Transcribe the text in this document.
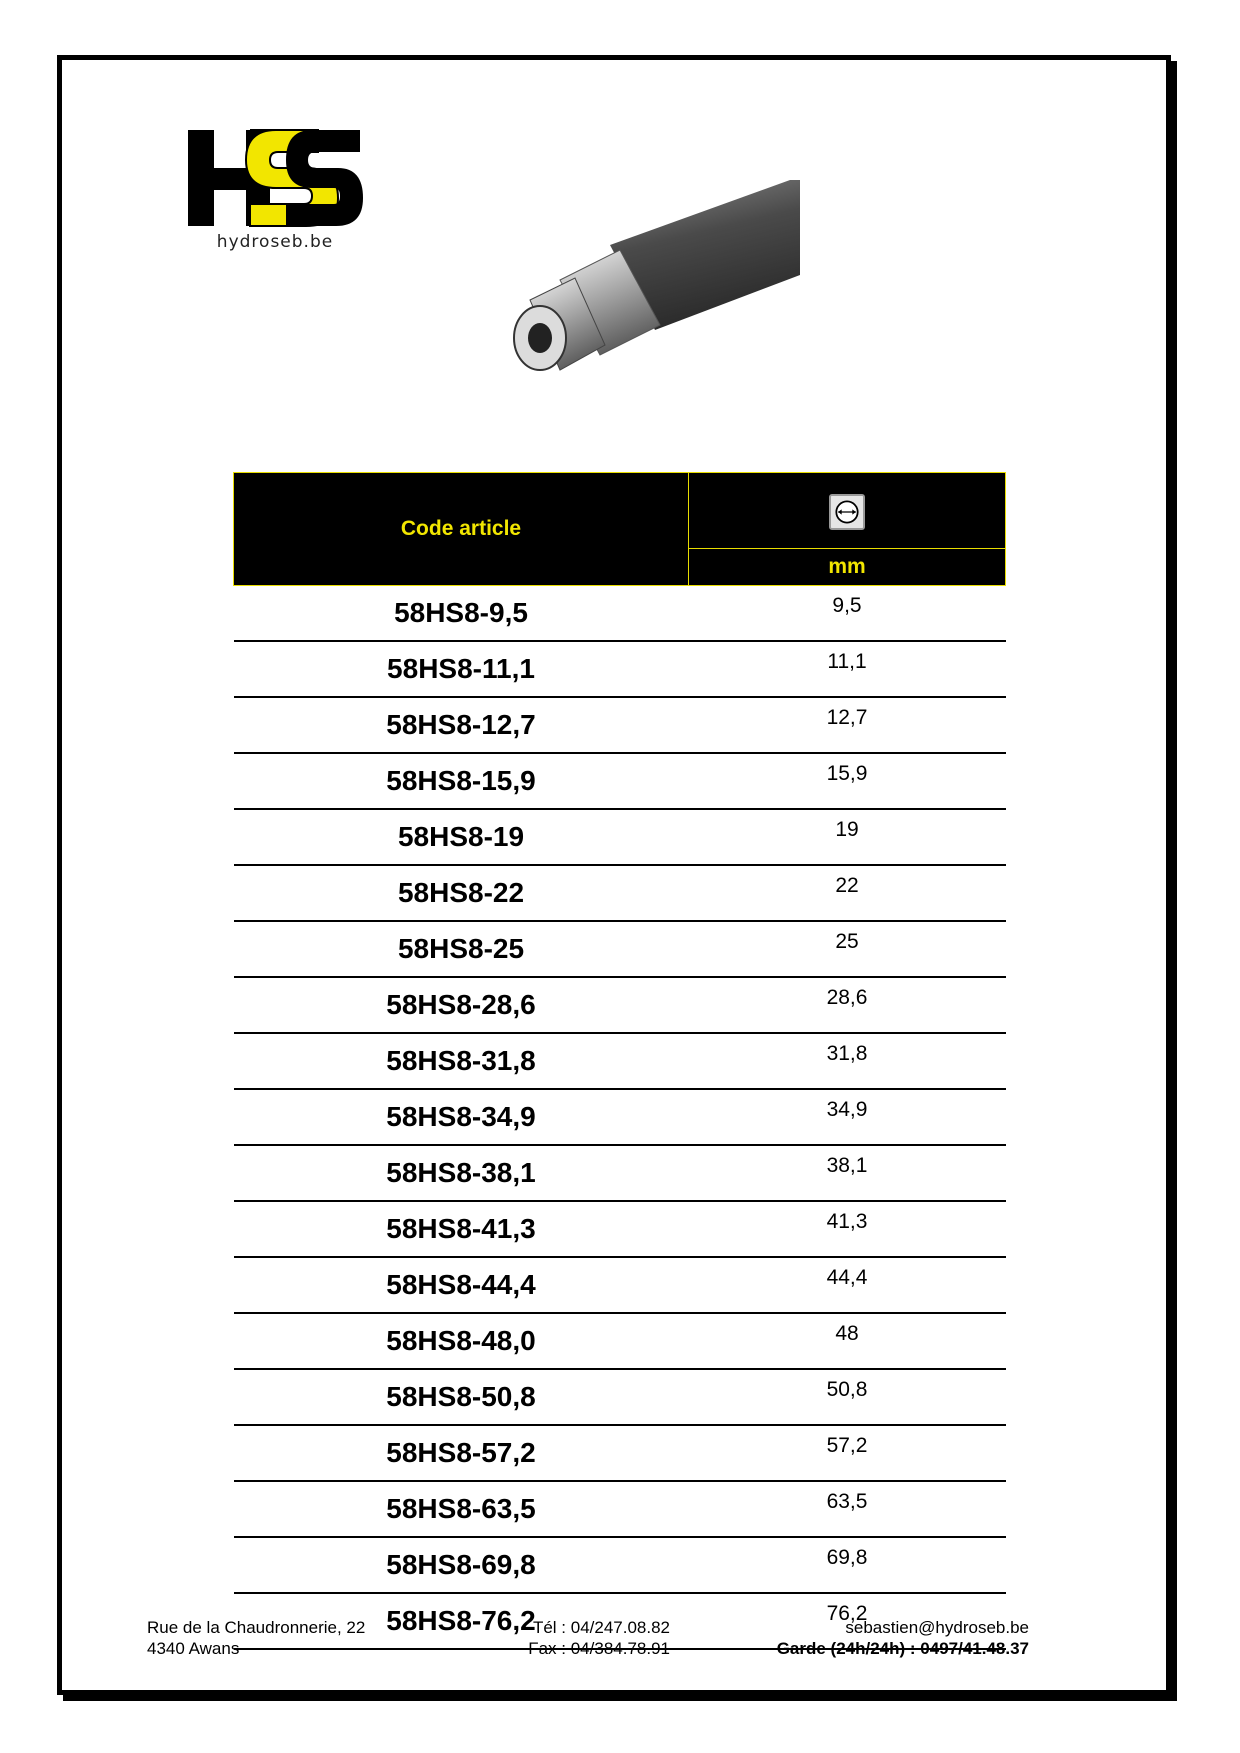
hydroseb.be
Code article	
	mm
58HS8-9,5	9,5
58HS8-11,1	11,1
58HS8-12,7	12,7
58HS8-15,9	15,9
58HS8-19	19
58HS8-22	22
58HS8-25	25
58HS8-28,6	28,6
58HS8-31,8	31,8
58HS8-34,9	34,9
58HS8-38,1	38,1
58HS8-41,3	41,3
58HS8-44,4	44,4
58HS8-48,0	48
58HS8-50,8	50,8
58HS8-57,2	57,2
58HS8-63,5	63,5
58HS8-69,8	69,8
58HS8-76,2	76,2
Rue de la Chaudronnerie, 22
4340 Awans
Tél : 04/247.08.82
Fax : 04/384.78.91
sebastien@hydroseb.be
Garde (24h/24h) : 0497/41.48.37
